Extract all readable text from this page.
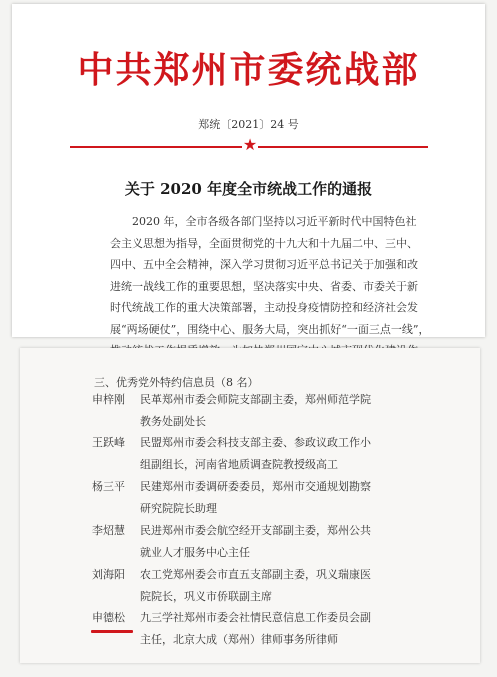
中共郑州市委统战部
郑统〔2021〕24 号
★
关于 2020 年度全市统战工作的通报

2020 年，全市各级各部门坚持以习近平新时代中国特色社

会主义思想为指导，全面贯彻党的十九大和十九届二中、三中、

四中、五中全会精神，深入学习贯彻习近平总书记关于加强和改

进统一战线工作的重要思想，坚决落实中央、省委、市委关于新

时代统战工作的重大决策部署，主动投身疫情防控和经济社会发

展“两场硬仗”，围绕中心、服务大局，突出抓好“一面三点一线”，

三、优秀党外特约信息员（8 名）
申梓刚	民革郑州市委会师院支部副主委，郑州师范学院

教务处副处长

王跃峰	民盟郑州市委会科技支部主委、参政议政工作小

组副组长，河南省地质调查院教授级高工

杨三平	民建郑州市委调研委委员，郑州市交通规划勘察

研究院院长助理

李炤慧	民进郑州市委会航空经开支部副主委，郑州公共

就业人才服务中心主任

刘海阳	农工党郑州委会市直五支部副主委，巩义瑞康医

院院长，巩义市侨联副主席

申德松	九三学社郑州市委会社情民意信息工作委员会副

主任，北京大成（郑州）律师事务所律师
